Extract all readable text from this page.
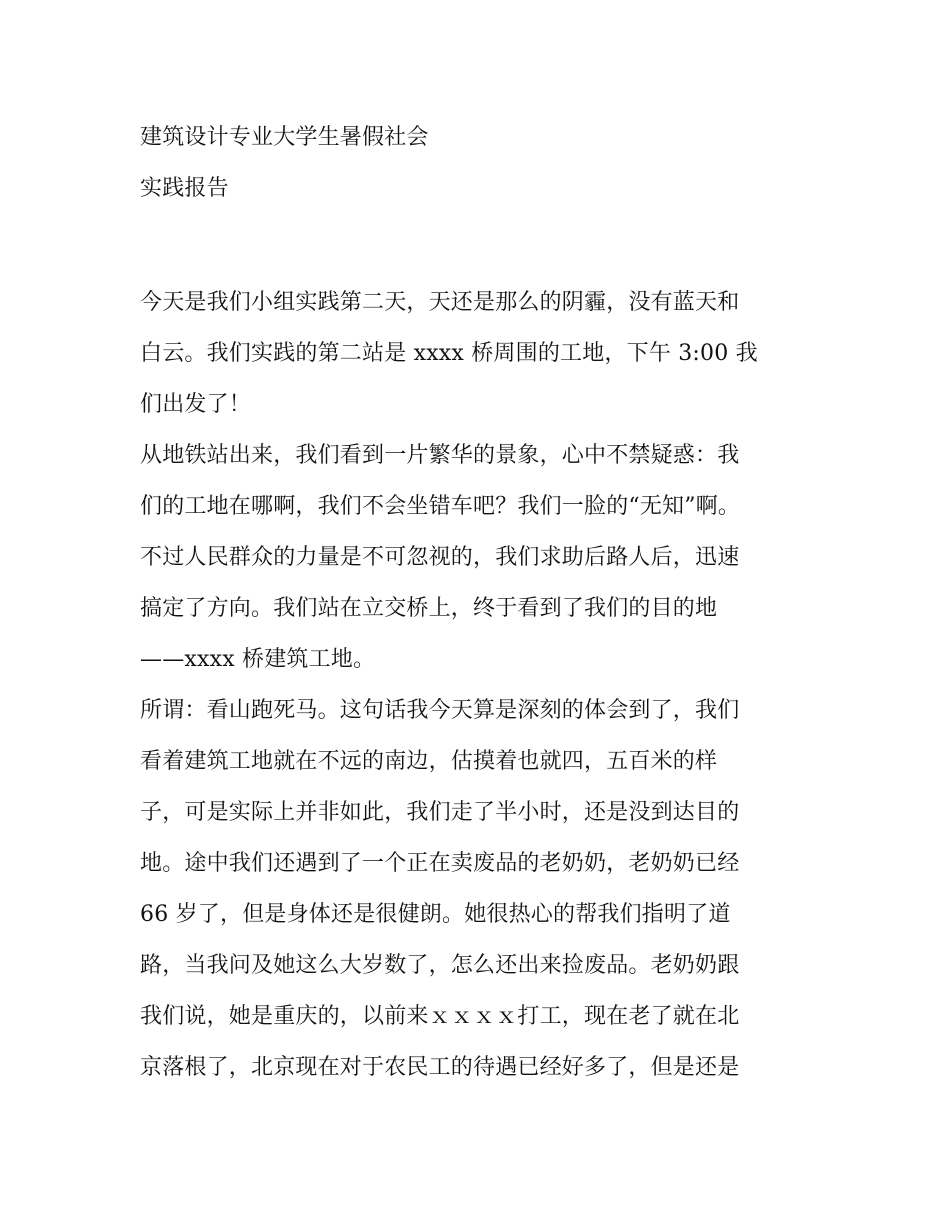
建筑设计专业大学生暑假社会
实践报告
今天是我们小组实践第二天，天还是那么的阴霾，没有蓝天和
白云。我们实践的第二站是 xxxx 桥周围的工地，下午 3:00 我
们出发了！
从地铁站出来，我们看到一片繁华的景象，心中不禁疑惑：我
们的工地在哪啊，我们不会坐错车吧？我们一脸的“无知”啊。
不过人民群众的力量是不可忽视的，我们求助后路人后，迅速
搞定了方向。我们站在立交桥上，终于看到了我们的目的地
——xxxx 桥建筑工地。
所谓：看山跑死马。这句话我今天算是深刻的体会到了，我们
看着建筑工地就在不远的南边，估摸着也就四，五百米的样
子，可是实际上并非如此，我们走了半小时，还是没到达目的
地。途中我们还遇到了一个正在卖废品的老奶奶，老奶奶已经
66 岁了，但是身体还是很健朗。她很热心的帮我们指明了道
路，当我问及她这么大岁数了，怎么还出来捡废品。老奶奶跟
我们说，她是重庆的，以前来ｘｘｘｘ打工，现在老了就在北
京落根了，北京现在对于农民工的待遇已经好多了，但是还是
